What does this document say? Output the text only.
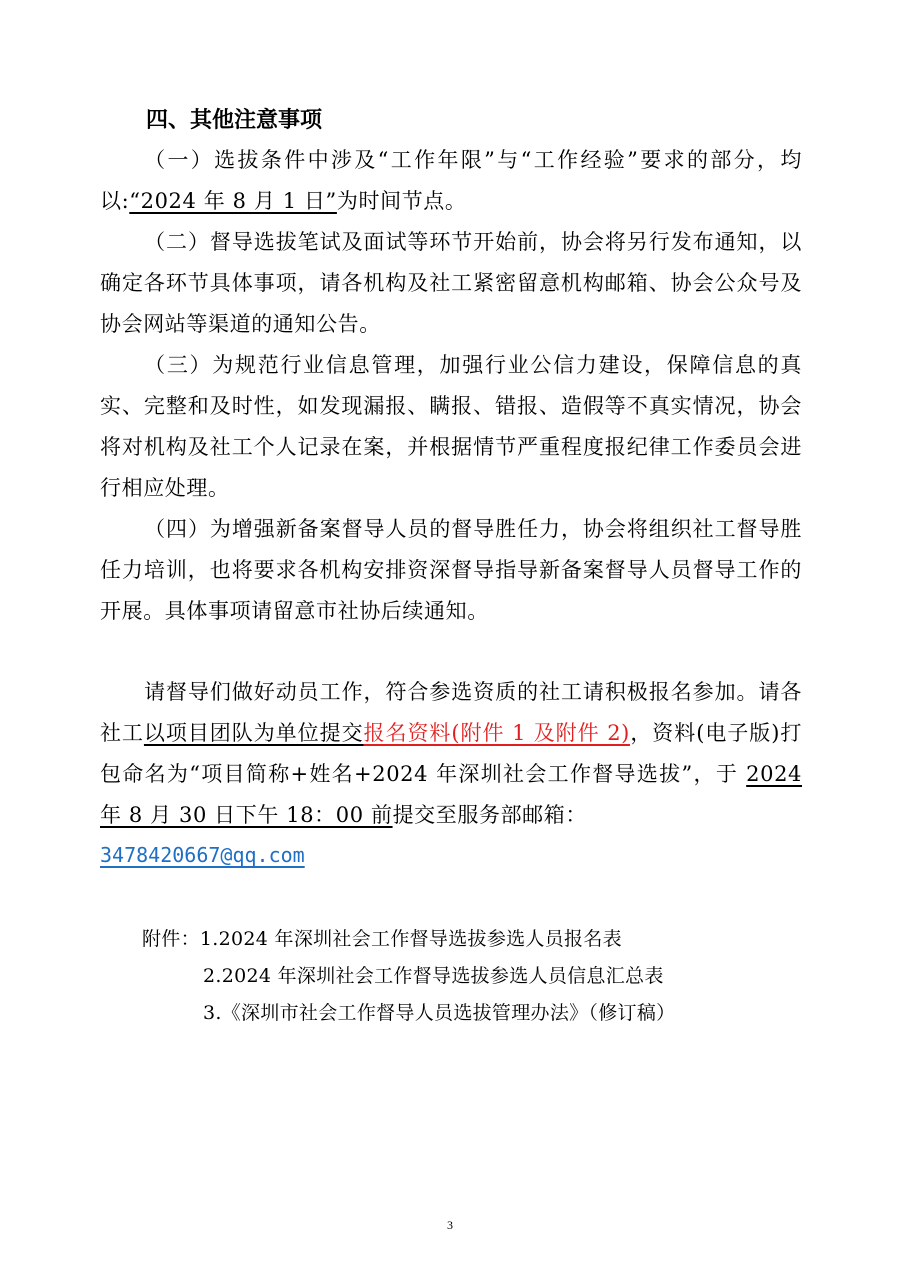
四、其他注意事项

（一）选拔条件中涉及“工作年限”与“工作经验”要求的部分，均以:“2024 年 8 月 1 日”为时间节点。

（二）督导选拔笔试及面试等环节开始前，协会将另行发布通知，以确定各环节具体事项，请各机构及社工紧密留意机构邮箱、协会公众号及协会网站等渠道的通知公告。

（三）为规范行业信息管理，加强行业公信力建设，保障信息的真实、完整和及时性，如发现漏报、瞒报、错报、造假等不真实情况，协会将对机构及社工个人记录在案，并根据情节严重程度报纪律工作委员会进行相应处理。

（四）为增强新备案督导人员的督导胜任力，协会将组织社工督导胜任力培训，也将要求各机构安排资深督导指导新备案督导人员督导工作的开展。具体事项请留意市社协后续通知。

请督导们做好动员工作，符合参选资质的社工请积极报名参加。请各社工以项目团队为单位提交报名资料(附件 1 及附件 2)，资料(电子版)打包命名为“项目简称+姓名+2024 年深圳社会工作督导选拔”，于 2024 年 8 月 30 日下午 18：00 前提交至服务部邮箱：

3478420667@qq.com

附件：1.2024 年深圳社会工作督导选拔参选人员报名表

2.2024 年深圳社会工作督导选拔参选人员信息汇总表

3.《深圳市社会工作督导人员选拔管理办法》（修订稿）

3
